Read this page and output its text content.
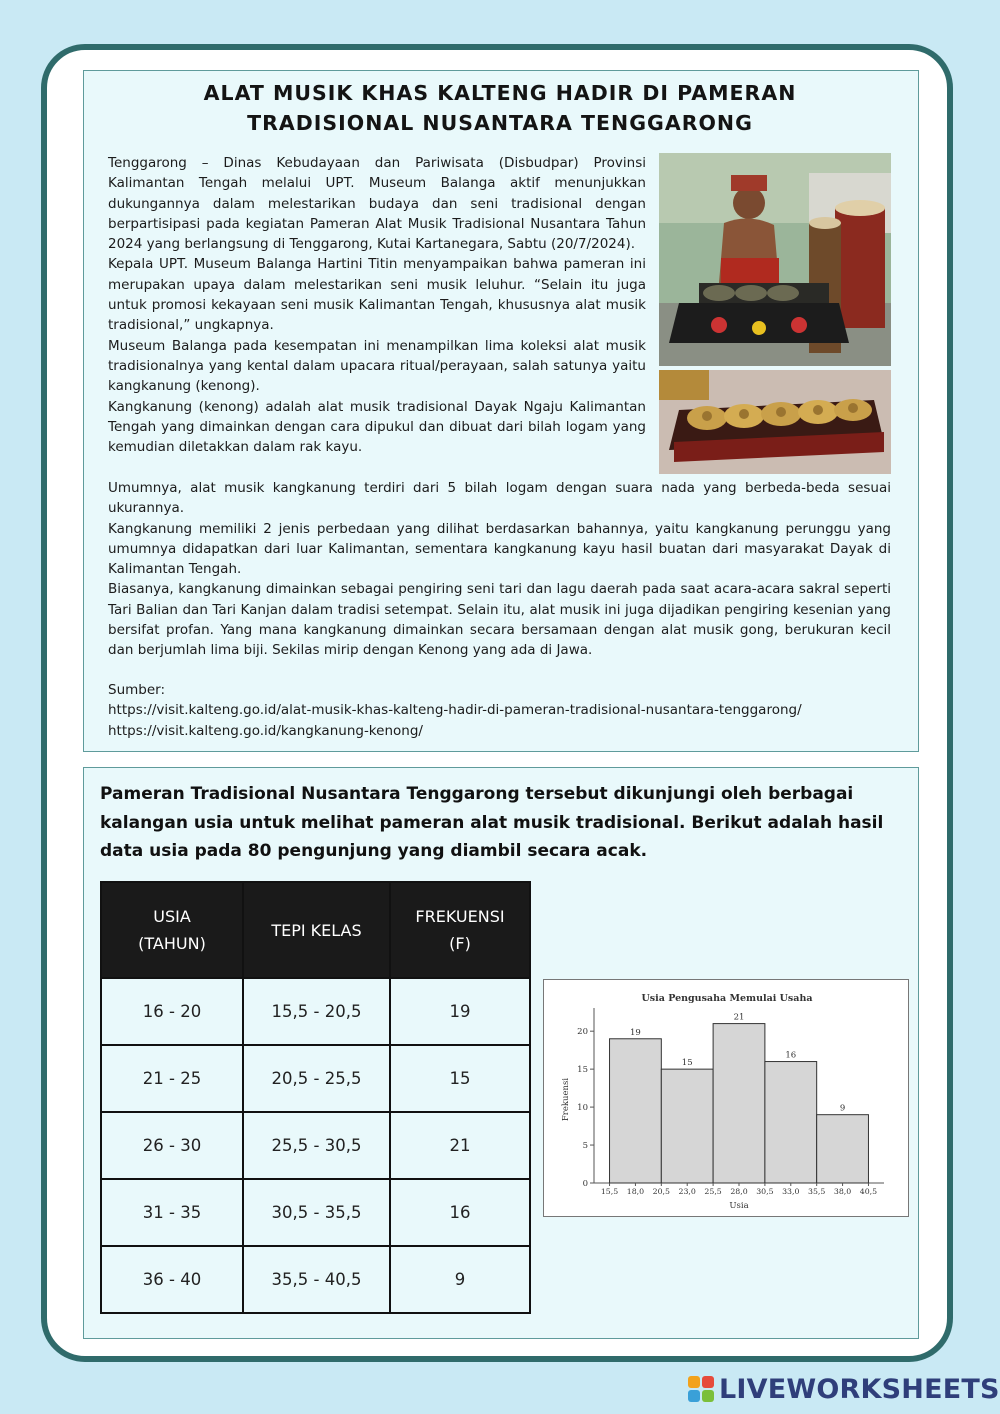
ALAT MUSIK KHAS KALTENG HADIR DI PAMERAN
TRADISIONAL NUSANTARA TENGGARONG

Tenggarong – Dinas Kebudayaan dan Pariwisata (Disbudpar) Provinsi Kalimantan Tengah melalui UPT. Museum Balanga aktif menunjukkan dukungannya dalam melestarikan budaya dan seni tradisional dengan berpartisipasi pada kegiatan Pameran Alat Musik Tradisional Nusantara Tahun 2024 yang berlangsung di Tenggarong, Kutai Kartanegara, Sabtu (20/7/2024).

Kepala UPT. Museum Balanga Hartini Titin menyampaikan bahwa pameran ini merupakan upaya dalam melestarikan seni musik leluhur. “Selain itu juga untuk promosi kekayaan seni musik Kalimantan Tengah, khususnya alat musik tradisional,” ungkapnya.

Museum Balanga pada kesempatan ini menampilkan lima koleksi alat musik tradisionalnya yang kental dalam upacara ritual/perayaan, salah satunya yaitu kangkanung (kenong).

Kangkanung (kenong) adalah alat musik tradisional Dayak Ngaju Kalimantan Tengah yang dimainkan dengan cara dipukul dan dibuat dari bilah logam yang kemudian diletakkan dalam rak kayu.

Umumnya, alat musik kangkanung terdiri dari 5 bilah logam dengan suara nada yang berbeda-beda sesuai ukurannya.

Kangkanung memiliki 2 jenis perbedaan yang dilihat berdasarkan bahannya, yaitu kangkanung perunggu yang umumnya didapatkan dari luar Kalimantan, sementara kangkanung kayu hasil buatan dari masyarakat Dayak di Kalimantan Tengah.

Biasanya, kangkanung dimainkan sebagai pengiring seni tari dan lagu daerah pada saat acara-acara sakral seperti Tari Balian dan Tari Kanjan dalam tradisi setempat. Selain itu, alat musik ini juga dijadikan pengiring kesenian yang bersifat profan. Yang mana kangkanung dimainkan secara bersamaan dengan alat musik gong, berukuran kecil dan berjumlah lima biji. Sekilas mirip dengan Kenong yang ada di Jawa.

Sumber:
https://visit.kalteng.go.id/alat-musik-khas-kalteng-hadir-di-pameran-tradisional-nusantara-tenggarong/
https://visit.kalteng.go.id/kangkanung-kenong/
Pameran Tradisional Nusantara Tenggarong tersebut dikunjungi oleh berbagai kalangan usia untuk melihat pameran alat musik tradisional. Berikut adalah hasil data usia pada 80 pengunjung yang diambil secara acak.
USIA
(TAHUN)	TEPI KELAS	FREKUENSI
(F)

16 - 20	15,5 - 20,5	19
21 - 25	20,5 - 25,5	15
26 - 30	25,5 - 30,5	21
31 - 35	30,5 - 35,5	16
36 - 40	35,5 - 40,5	9
Usia Pengusaha Memulai Usaha
0
5
10
15
20	19
15
21
16
9
15,5 18,0 20,5 23,0 25,5 28,0 30,5 33,0 35,5 38,0 40,5
Usia
Frekuensi
LIVEWORKSHEETS
